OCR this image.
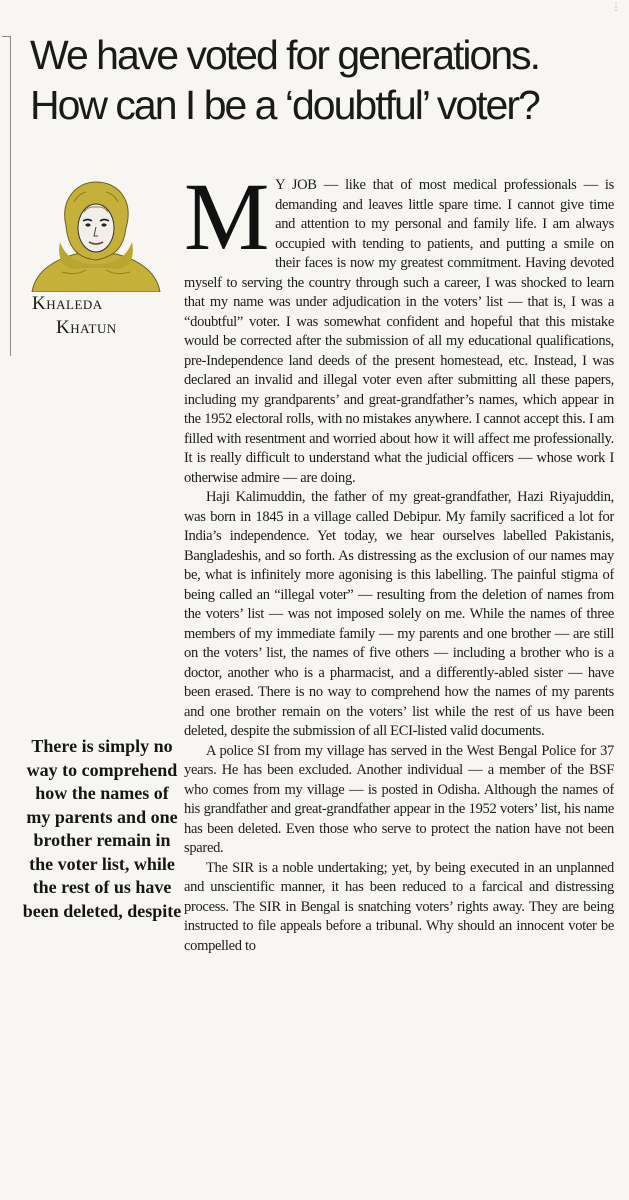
⋮
We have voted for generations.
How can I be a ‘doubtful’ voter?
Khaleda
Khatun
There is simply no way to comprehend how the names of my parents and one brother remain in the voter list, while the rest of us have been deleted, despite

M Y JOB — like that of most medical professionals — is demanding and leaves little spare time. I cannot give time and attention to my personal and family life. I am always occupied with tending to patients, and putting a smile on their faces is now my greatest commitment. Having devoted myself to serving the country through such a career, I was shocked to learn that my name was under adjudication in the voters’ list — that is, I was a “doubtful” voter. I was somewhat confident and hopeful that this mistake would be corrected after the submission of all my educational qualifications, pre-Independence land deeds of the present homestead, etc. Instead, I was declared an invalid and illegal voter even after submitting all these papers, including my grandparents’ and great-grandfather’s names, which appear in the 1952 electoral rolls, with no mistakes anywhere. I cannot accept this. I am filled with resentment and worried about how it will affect me professionally. It is really difficult to understand what the judicial officers — whose work I otherwise admire — are doing.

Haji Kalimuddin, the father of my great-grandfather, Hazi Riyajuddin, was born in 1845 in a village called Debipur. My family sacrificed a lot for India’s independence. Yet today, we hear ourselves labelled Pakistanis, Bangladeshis, and so forth. As distressing as the exclusion of our names may be, what is infinitely more agonising is this labelling. The painful stigma of being called an “illegal voter” — resulting from the deletion of names from the voters’ list — was not imposed solely on me. While the names of three members of my immediate family — my parents and one brother — are still on the voters’ list, the names of five others — including a brother who is a doctor, another who is a pharmacist, and a differently-abled sister — have been erased. There is no way to comprehend how the names of my parents and one brother remain on the voters’ list while the rest of us have been deleted, despite the submission of all ECI-listed valid documents.

A police SI from my village has served in the West Bengal Police for 37 years. He has been excluded. Another individual — a member of the BSF who comes from my village — is posted in Odisha. Although the names of his grandfather and great-grandfather appear in the 1952 voters’ list, his name has been deleted. Even those who serve to protect the nation have not been spared.

The SIR is a noble undertaking; yet, by being executed in an unplanned and unscientific manner, it has been reduced to a farcical and distressing process. The SIR in Bengal is snatching voters’ rights away. They are being instructed to file appeals before a tribunal. Why should an innocent voter be compelled to
